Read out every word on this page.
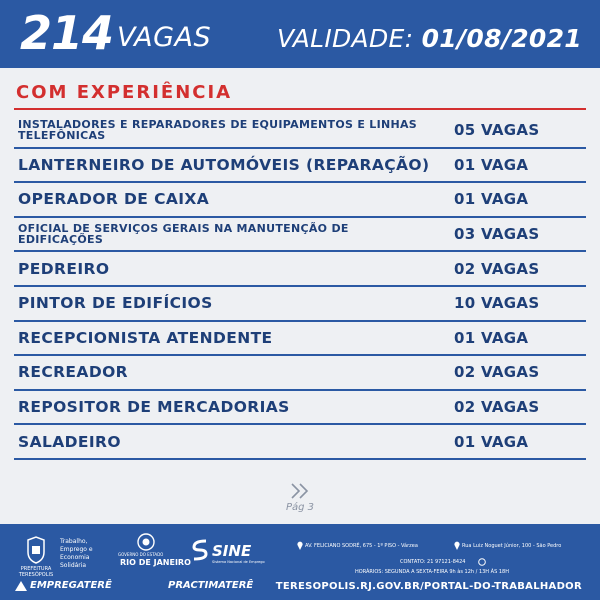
214 VAGAS	VALIDADE: 01/08/2021
COM EXPERIÊNCIA
INSTALADORES E REPARADORES DE EQUIPAMENTOS E LINHAS TELEFÔNICAS	05 VAGAS
LANTERNEIRO DE AUTOMÓVEIS (REPARAÇÃO) 01 VAGA
OPERADOR DE CAIXA	01 VAGA
OFICIAL DE SERVIÇOS GERAIS NA MANUTENÇÃO DE EDIFICAÇÕES	03 VAGAS
PEDREIRO	02 VAGAS
PINTOR DE EDIFÍCIOS	10 VAGAS
RECEPCIONISTA ATENDENTE	01 VAGA
RECREADOR	02 VAGAS
REPOSITOR DE MERCADORIAS	02 VAGAS
SALADEIRO	01 VAGA
Pág 3
PREFEITURA TERESÓPOLIS
Trabalho, Emprego e Economia Solidária
GOVERNO DO ESTADO
RIO DE JANEIRO
SINE
Sistema Nacional de Emprego
EMPREGATERÊ	PRACTIMATERÊ
AV. FELICIANO SODRÉ, 675 - 1º PISO - Várzea	Rua Luiz Noguet Júnior, 100 - São Pedro
CONTATO: 21 97121-8424
HORÁRIOS: SEGUNDA A SEXTA-FEIRA 9h às 12h / 13H ÀS 18H
TERESOPOLIS.RJ.GOV.BR/PORTAL-DO-TRABALHADOR
